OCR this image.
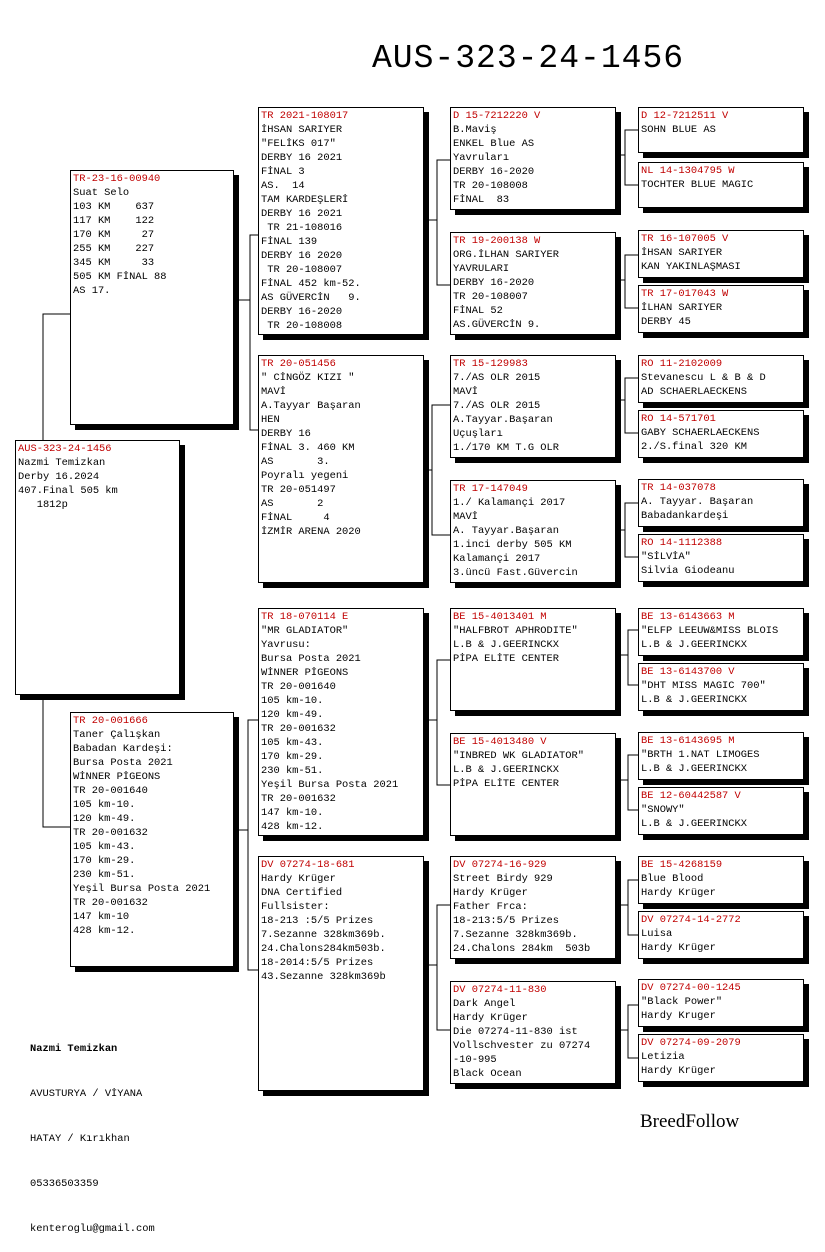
AUS-323-24-1456
AUS-323-24-1456
Nazmi Temizkan
Derby 16.2024
407.Final 505 km
1812p
TR-23-16-00940
Suat Selo
103 KM    637
117 KM    122
170 KM     27
255 KM    227
345 KM     33
505 KM FİNAL 88
AS 17.
TR 20-001666
Taner Çalışkan
Babadan Kardeşi:
Bursa Posta 2021
WİNNER PİGEONS
TR 20-001640
105 km-10.
120 km-49.
TR 20-001632
105 km-43.
170 km-29.
230 km-51.
Yeşil Bursa Posta 2021
TR 20-001632
147 km-10
428 km-12.
TR 2021-108017
İHSAN SARIYER
"FELİKS 017"
DERBY 16 2021
FİNAL 3
AS.  14
TAM KARDEŞLERİ
DERBY 16 2021
TR 21-108016
FİNAL 139
DERBY 16 2020
TR 20-108007
FİNAL 452 km-52.
AS GÜVERCİN   9.
DERBY 16-2020
TR 20-108008
TR 20-051456
" CİNGÖZ KIZI "
MAVİ
A.Tayyar Başaran
HEN
DERBY 16
FİNAL 3. 460 KM
AS       3.
Poyralı yegeni
TR 20-051497
AS       2
FİNAL     4
İZMİR ARENA 2020
TR 18-070114 E
"MR GLADIATOR"
Yavrusu:
Bursa Posta 2021
WİNNER PİGEONS
TR 20-001640
105 km-10.
120 km-49.
TR 20-001632
105 km-43.
170 km-29.
230 km-51.
Yeşil Bursa Posta 2021
TR 20-001632
147 km-10.
428 km-12.
DV 07274-18-681
Hardy Krüger
DNA Certified
Fullsister:
18-213 :5/5 Prizes
7.Sezanne 328km369b.
24.Chalons284km503b.
18-2014:5/5 Prizes
43.Sezanne 328km369b
D 15-7212220 V
B.Maviş
ENKEL Blue AS
Yavruları
DERBY 16-2020
TR 20-108008
FİNAL  83
TR 19-200138 W
ORG.İLHAN SARIYER
YAVRULARI
DERBY 16-2020
TR 20-108007
FİNAL 52
AS.GÜVERCİN 9.
TR 15-129983
7./AS OLR 2015
MAVİ
7./AS OLR 2015
A.Tayyar.Başaran
Uçuşları
1./170 KM T.G OLR
TR 17-147049
1./ Kalamançi 2017
MAVİ
A. Tayyar.Başaran
1.inci derby 505 KM
Kalamançi 2017
3.üncü Fast.Güvercin
BE 15-4013401 M
"HALFBROT APHRODITE"
L.B & J.GEERINCKX
PİPA ELİTE CENTER
BE 15-4013480 V
"INBRED WK GLADIATOR"
L.B & J.GEERINCKX
PİPA ELİTE CENTER
DV 07274-16-929
Street Birdy 929
Hardy Krüger
Father Frca:
18-213:5/5 Prizes
7.Sezanne 328km369b.
24.Chalons 284km  503b
DV 07274-11-830
Dark Angel
Hardy Krüger
Die 07274-11-830 ist
Vollschvester zu 07274
-10-995
Black Ocean
D 12-7212511 V
SOHN BLUE AS
NL 14-1304795 W
TOCHTER BLUE MAGIC
TR 16-107005 V
İHSAN SARIYER
KAN YAKINLAŞMASI
TR 17-017043 W
İLHAN SARIYER
DERBY 45
RO 11-2102009
Stevanescu L & B & D
AD SCHAERLAECKENS
RO 14-571701
GABY SCHAERLAECKENS
2./S.final 320 KM
TR 14-037078
A. Tayyar. Başaran
Babadankardeşi
RO 14-1112388
"SİLVİA"
Silvia Giodeanu
BE 13-6143663 M
"ELFP LEEUW&MISS BLOIS
L.B & J.GEERINCKX
BE 13-6143700 V
"DHT MISS MAGIC 700"
L.B & J.GEERINCKX
BE 13-6143695 M
"BRTH 1.NAT LIMOGES
L.B & J.GEERINCKX
BE 12-60442587 V
"SNOWY"
L.B & J.GEERINCKX
BE 15-4268159
Blue Blood
Hardy Krüger
DV 07274-14-2772
Luisa
Hardy Krüger
DV 07274-00-1245
"Black Power"
Hardy Kruger
DV 07274-09-2079
Letizia
Hardy Krüger

Nazmi Temizkan

AVUSTURYA / VİYANA

HATAY / Kırıkhan

05336503359

kenteroglu@gmail.com

BreedFollow
